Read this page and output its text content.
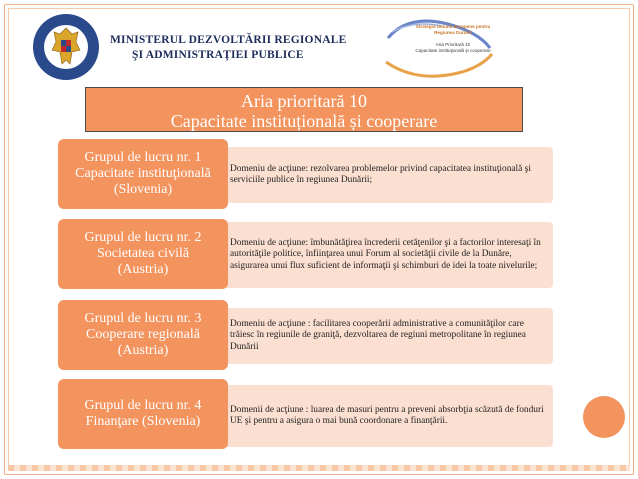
MINISTERUL DEZVOLTĂRII REGIONALE
ŞI ADMINISTRAŢIEI PUBLICE
Strategia Uniunii Europene pentru
Regiunea Dunării
Aria Prioritară 10
Capacitate instituţională şi cooperare
Aria prioritară 10
Capacitate instituțională și cooperare
Domeniu de acţiune: rezolvarea problemelor privind capacitatea instituţională şi serviciile publice în regiunea Dunării;
Grupul de lucru nr. 1
Capacitate instituţională
(Slovenia)
Domeniu de acţiune: îmbunătăţirea încrederii cetăţenilor şi a factorilor interesaţi în autorităţile politice, înfiinţarea unui Forum al societăţii civile de la Dunăre, asigurarea unui flux suficient de informaţii şi schimburi de idei la toate nivelurile;
Grupul de lucru nr. 2
Societatea civilă
(Austria)
Domeniu de acţiune : facilitarea cooperării administrative a comunităţilor care trăiesc în regiunile de graniţă, dezvoltarea de regiuni metropolitane în regiunea Dunării
Grupul de lucru nr. 3
Cooperare regională
(Austria)
Domenii de acţiune : luarea de masuri pentru a preveni absorbţia scăzută de fonduri UE şi pentru a asigura o mai bună coordonare a finanţării.
Grupul de lucru nr. 4
Finanţare (Slovenia)
